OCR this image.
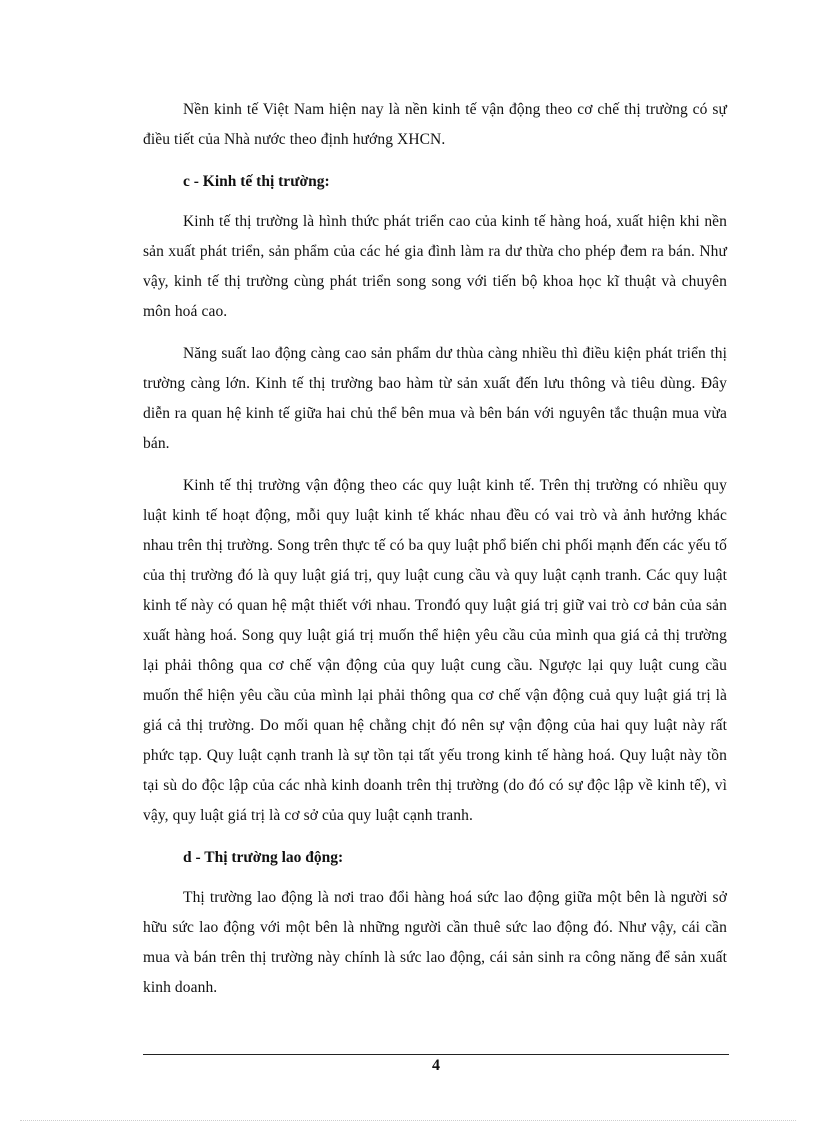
Nền kinh tế Việt Nam hiện nay là nền kinh tế vận động theo cơ chế thị trường có sự điều tiết của Nhà nước theo định hướng XHCN.

c - Kinh tế thị trường:

Kinh tế thị trường là hình thức phát triển cao của kinh tế hàng hoá, xuất hiện khi nền sản xuất phát triển, sản phẩm của các hé gia đình làm ra dư thừa cho phép đem ra bán. Như vậy, kinh tế thị trường cùng phát triển song song với tiến bộ khoa học kĩ thuật và chuyên môn hoá cao.

Năng suất lao động càng cao sản phẩm dư thùa càng nhiều thì điều kiện phát triển thị trường càng lớn. Kinh tế thị trường bao hàm từ sản xuất đến lưu thông và tiêu dùng. Đây diễn ra quan hệ kinh tế giữa hai chủ thể bên mua và bên bán với nguyên tắc thuận mua vừa bán.

Kinh tế thị trường vận động theo các quy luật kinh tế. Trên thị trường có nhiều quy luật kinh tế hoạt động, mỗi quy luật kinh tế khác nhau đều có vai trò và ảnh hưởng khác nhau trên thị trường. Song trên thực tế có ba quy luật phổ biến chi phối mạnh đến các yếu tố của thị trường đó là quy luật giá trị, quy luật cung cầu và quy luật cạnh tranh. Các quy luật kinh tế này có quan hệ mật thiết với nhau. Tronđó quy luật giá trị giữ vai trò cơ bản của sản xuất hàng hoá. Song quy luật giá trị muốn thể hiện yêu cầu của mình qua giá cả thị trường lại phải thông qua cơ chế vận động của quy luật cung cầu. Ngược lại quy luật cung cầu muốn thể hiện yêu cầu của mình lại phải thông qua cơ chế vận động cuả quy luật giá trị là giá cả thị trường. Do mối quan hệ chằng chịt đó nên sự vận động của hai quy luật này rất phức tạp. Quy luật cạnh tranh là sự tồn tại tất yếu trong kinh tế hàng hoá. Quy luật này tồn tại sù do độc lập của các nhà kinh doanh trên thị trường (do đó có sự độc lập về kinh tế), vì vậy, quy luật giá trị là cơ sở của quy luật cạnh tranh.

d - Thị trường lao động:

Thị trường lao động là nơi trao đổi hàng hoá sức lao động giữa một bên là người sở hữu sức lao động với một bên là những người cần thuê sức lao động đó. Như vậy, cái cần mua và bán trên thị trường này chính là sức lao động, cái sản sinh ra công năng để sản xuất kinh doanh.

4
